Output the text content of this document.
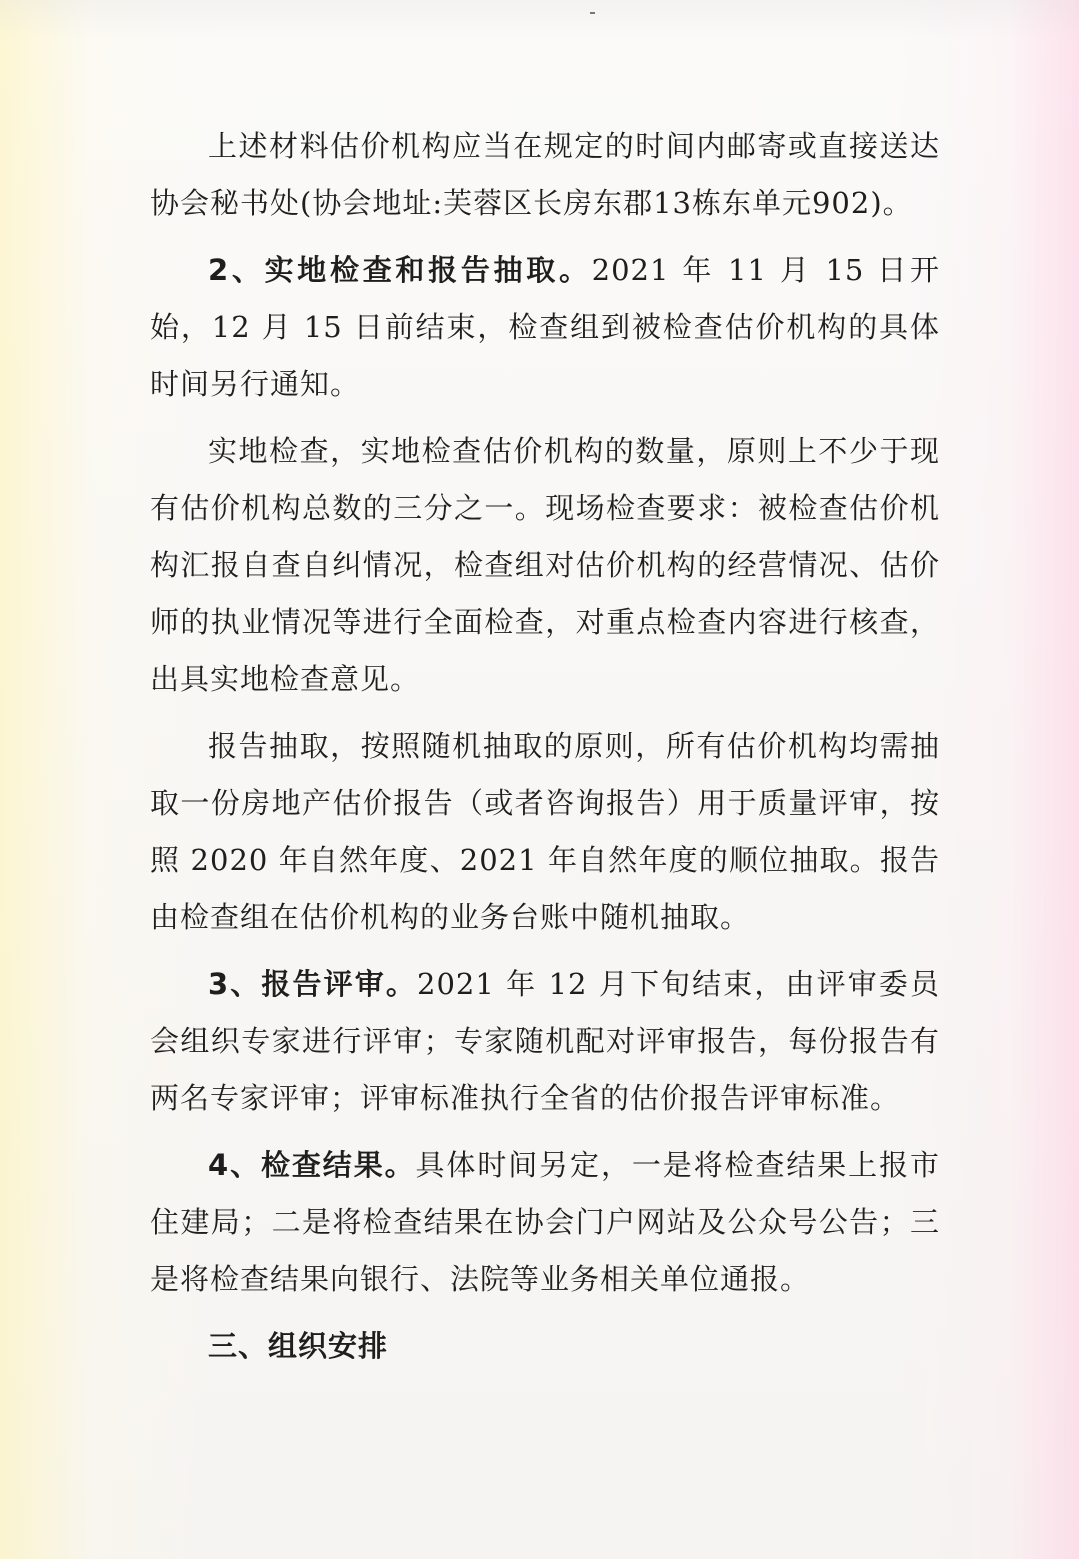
上述材料估价机构应当在规定的时间内邮寄或直接送达协会秘书处(协会地址:芙蓉区长房东郡13栋东单元902)。

2、实地检查和报告抽取。2021 年 11 月 15 日开始，12 月 15 日前结束，检查组到被检查估价机构的具体时间另行通知。

实地检查，实地检查估价机构的数量，原则上不少于现有估价机构总数的三分之一。现场检查要求：被检查估价机构汇报自查自纠情况，检查组对估价机构的经营情况、估价师的执业情况等进行全面检查，对重点检查内容进行核查，出具实地检查意见。

报告抽取，按照随机抽取的原则，所有估价机构均需抽取一份房地产估价报告（或者咨询报告）用于质量评审，按照 2020 年自然年度、2021 年自然年度的顺位抽取。报告由检查组在估价机构的业务台账中随机抽取。

3、报告评审。2021 年 12 月下旬结束，由评审委员会组织专家进行评审；专家随机配对评审报告，每份报告有两名专家评审；评审标准执行全省的估价报告评审标准。

4、检查结果。具体时间另定，一是将检查结果上报市住建局；二是将检查结果在协会门户网站及公众号公告；三是将检查结果向银行、法院等业务相关单位通报。

三、组织安排
